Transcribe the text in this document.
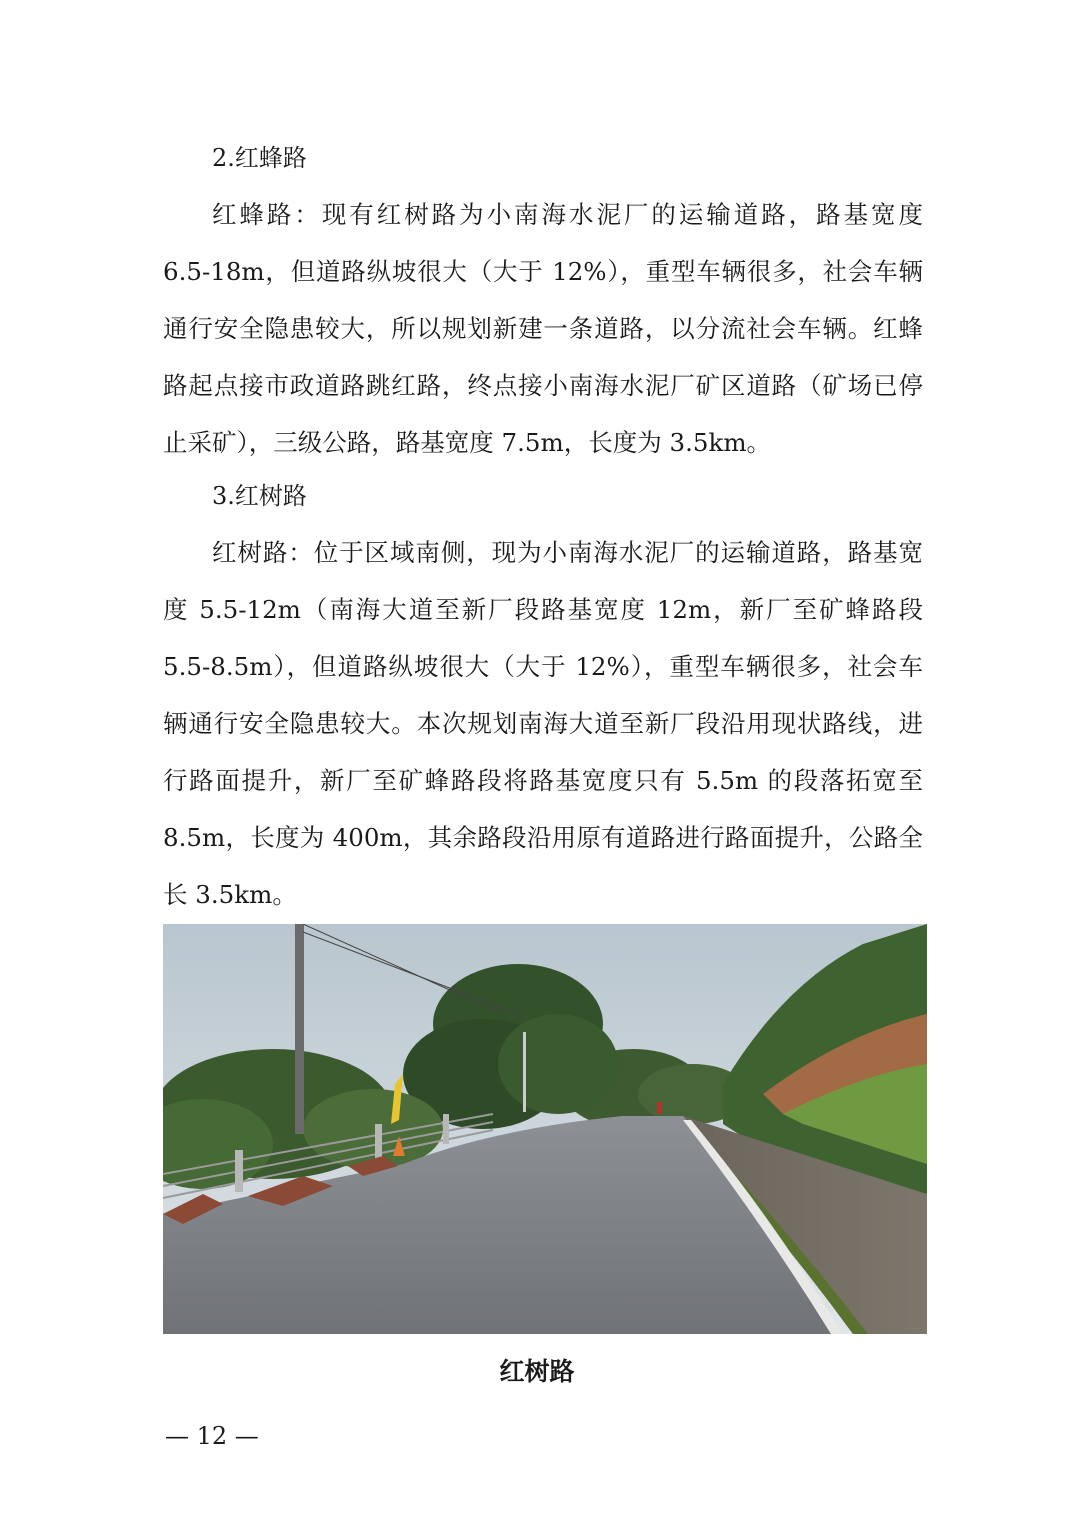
2.红蜂路
红蜂路：现有红树路为小南海水泥厂的运输道路，路基宽度
6.5-18m，但道路纵坡很大（大于 12%），重型车辆很多，社会车辆
通行安全隐患较大，所以规划新建一条道路，以分流社会车辆。红蜂
路起点接市政道路跳红路，终点接小南海水泥厂矿区道路（矿场已停
止采矿），三级公路，路基宽度 7.5m，长度为 3.5km。
3.红树路
红树路：位于区域南侧，现为小南海水泥厂的运输道路，路基宽
度 5.5-12m（南海大道至新厂段路基宽度 12m，新厂至矿蜂路段
5.5-8.5m），但道路纵坡很大（大于 12%），重型车辆很多，社会车
辆通行安全隐患较大。本次规划南海大道至新厂段沿用现状路线，进
行路面提升，新厂至矿蜂路段将路基宽度只有 5.5m 的段落拓宽至
8.5m，长度为 400m，其余路段沿用原有道路进行路面提升，公路全
长 3.5km。
红树路
— 12 —
